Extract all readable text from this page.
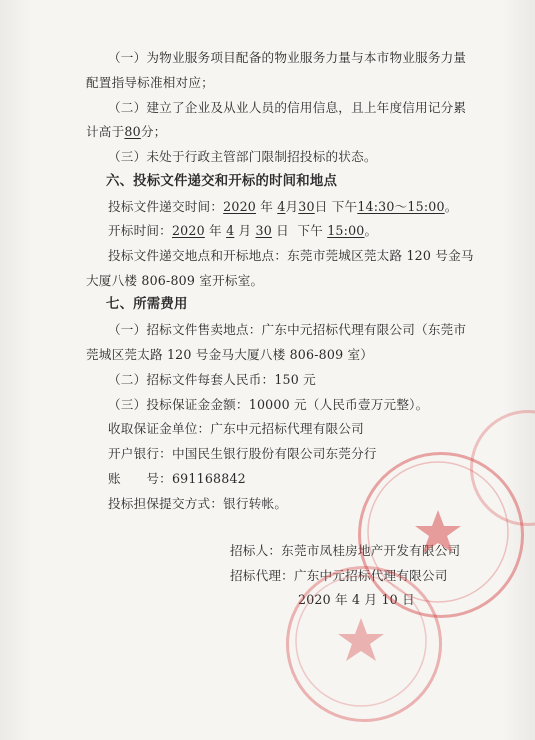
（一）为物业服务项目配备的物业服务力量与本市物业服务力量
配置指导标准相对应；
（二）建立了企业及从业人员的信用信息，且上年度信用记分累
计高于80分；
（三）未处于行政主管部门限制招投标的状态。
六、投标文件递交和开标的时间和地点
投标文件递交时间：2020 年 4月30日 下午14:30～15:00。
开标时间：2020 年 4 月 30 日 下午 15:00。
投标文件递交地点和开标地点：东莞市莞城区莞太路 120 号金马
大厦八楼 806-809 室开标室。
七、所需费用
（一）招标文件售卖地点：广东中元招标代理有限公司（东莞市
莞城区莞太路 120 号金马大厦八楼 806-809 室）
（二）招标文件每套人民币：150 元
（三）投标保证金金额：10000 元（人民币壹万元整）。
收取保证金单位：广东中元招标代理有限公司
开户银行：中国民生银行股份有限公司东莞分行
账　　号：691168842
投标担保提交方式：银行转帐。
招标人：东莞市凤桂房地产开发有限公司
招标代理：广东中元招标代理有限公司
2020 年 4 月 10 日
